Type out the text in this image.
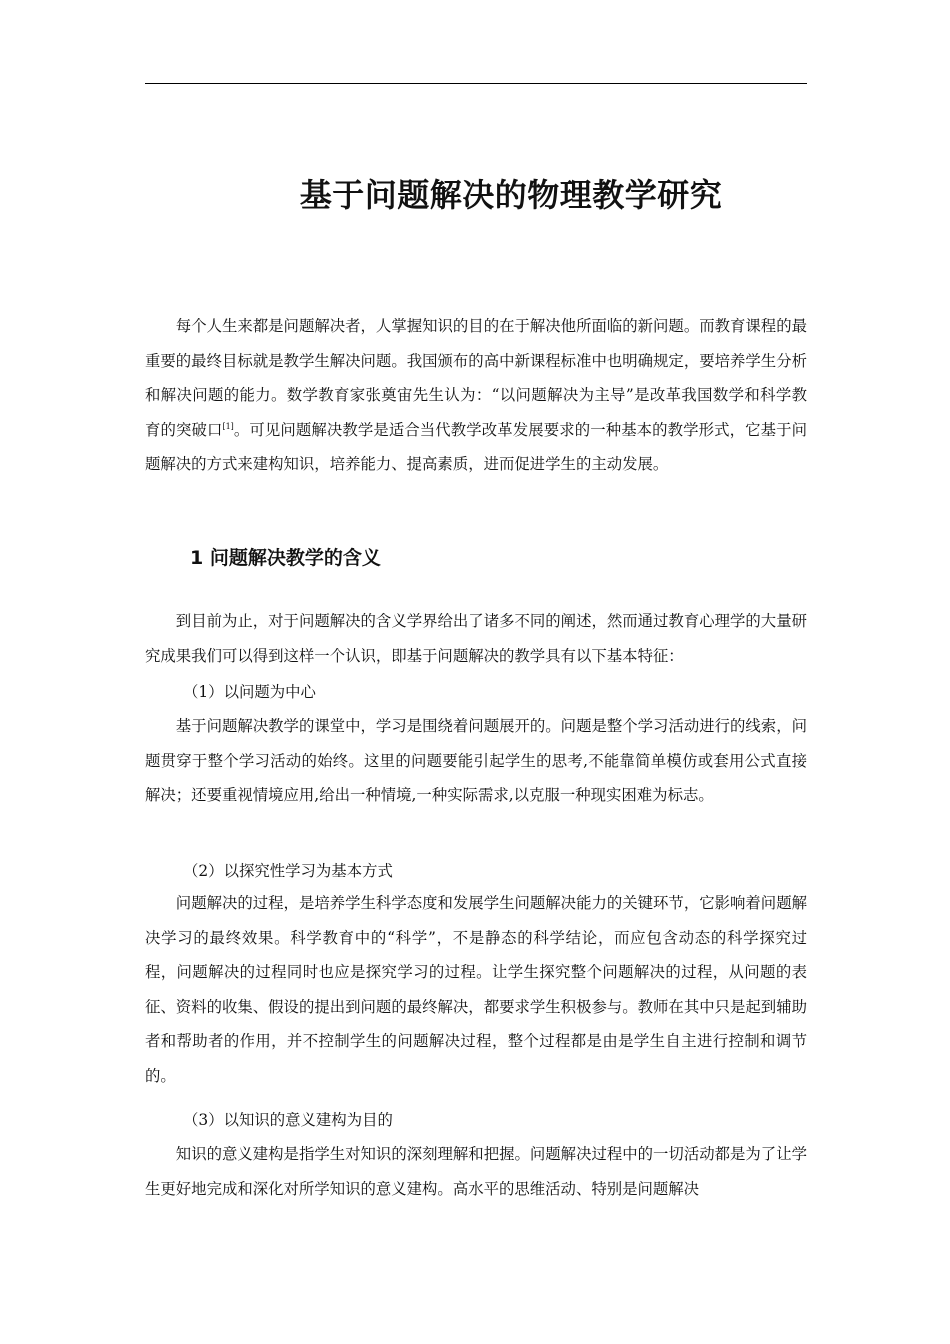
基于问题解决的物理教学研究

每个人生来都是问题解决者，人掌握知识的目的在于解决他所面临的新问题。而教育课程的最重要的最终目标就是教学生解决问题。我国颁布的高中新课程标准中也明确规定，要培养学生分析和解决问题的能力。数学教育家张奠宙先生认为：“以问题解决为主导”是改革我国数学和科学教育的突破口[1]。可见问题解决教学是适合当代教学改革发展要求的一种基本的教学形式，它基于问题解决的方式来建构知识，培养能力、提高素质，进而促进学生的主动发展。

1 问题解决教学的含义

到目前为止，对于问题解决的含义学界给出了诸多不同的阐述，然而通过教育心理学的大量研究成果我们可以得到这样一个认识，即基于问题解决的教学具有以下基本特征：

（1）以问题为中心

基于问题解决教学的课堂中，学习是围绕着问题展开的。问题是整个学习活动进行的线索，问题贯穿于整个学习活动的始终。这里的问题要能引起学生的思考,不能靠简单模仿或套用公式直接解决；还要重视情境应用,给出一种情境,一种实际需求,以克服一种现实困难为标志。

（2）以探究性学习为基本方式

问题解决的过程，是培养学生科学态度和发展学生问题解决能力的关键环节，它影响着问题解决学习的最终效果。科学教育中的“科学”，不是静态的科学结论，而应包含动态的科学探究过程，问题解决的过程同时也应是探究学习的过程。让学生探究整个问题解决的过程，从问题的表征、资料的收集、假设的提出到问题的最终解决，都要求学生积极参与。教师在其中只是起到辅助者和帮助者的作用，并不控制学生的问题解决过程，整个过程都是由是学生自主进行控制和调节的。

（3）以知识的意义建构为目的

知识的意义建构是指学生对知识的深刻理解和把握。问题解决过程中的一切活动都是为了让学生更好地完成和深化对所学知识的意义建构。高水平的思维活动、特别是问题解决
